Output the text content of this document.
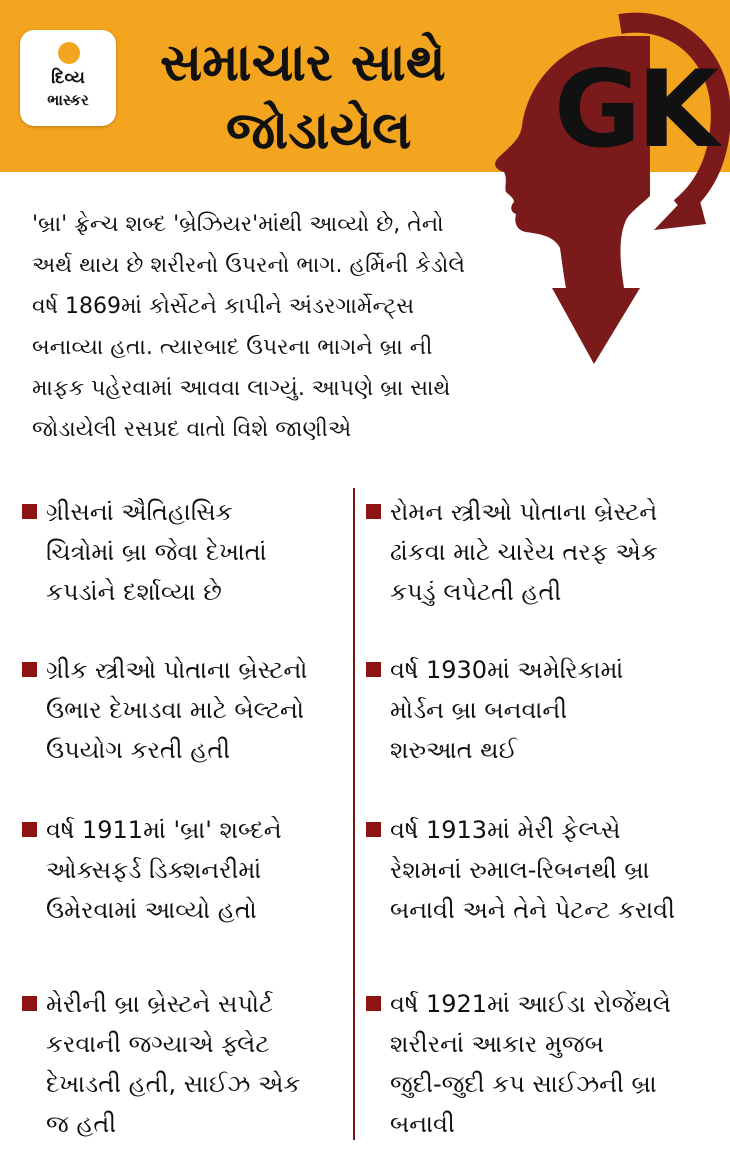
દિવ્ય
ભાસ્કર
સમાચાર સાથે
જોડાયેલ GK

'બ્રા' ફ્રેન્ચ શબ્દ 'બ્રેઝિયર'માંથી આવ્યો છે, તેનો

અર્થ થાય છે શરીરનો ઉપરનો ભાગ. હર્મિની કેડોલે

વર્ષ 1869માં કોર્સેટને કાપીને અંડરગાર્મેન્ટ્સ

બનાવ્યા હતા. ત્યારબાદ ઉપરના ભાગને બ્રા ની

માફક પહેરવામાં આવવા લાગ્યું. આપણે બ્રા સાથે

જોડાયેલી રસપ્રદ વાતો વિશે જાણીએ

ગ્રીસનાં ઐતિહાસિક
ચિત્રોમાં બ્રા જેવા દેખાતાં
કપડાંને દર્શાવ્યા છે
ગ્રીક સ્ત્રીઓ પોતાના બ્રેસ્ટનો
ઉભાર દેખાડવા માટે બેલ્ટનો
ઉપયોગ કરતી હતી
વર્ષ 1911માં 'બ્રા' શબ્દને
ઓક્સફર્ડ ડિક્શનરીમાં
ઉમેરવામાં આવ્યો હતો
મેરીની બ્રા બ્રેસ્ટને સપોર્ટ
કરવાની જગ્યાએ ફ્લેટ
દેખાડતી હતી, સાઈઝ એક
જ હતી
રોમન સ્ત્રીઓ પોતાના બ્રેસ્ટને
ઢાંકવા માટે ચારેય તરફ એક
કપડું લપેટતી હતી
વર્ષ 1930માં અમેરિકામાં
મોર્ડન બ્રા બનવાની
શરુઆત થઈ
વર્ષ 1913માં મેરી ફેલ્પ્સે
રેશમનાં રુમાલ-રિબનથી બ્રા
બનાવી અને તેને પેટન્ટ કરાવી
વર્ષ 1921માં આઈડા રોજેંથલે
શરીરનાં આકાર મુજબ
જુદી-જુદી કપ સાઈઝની બ્રા
બનાવી
